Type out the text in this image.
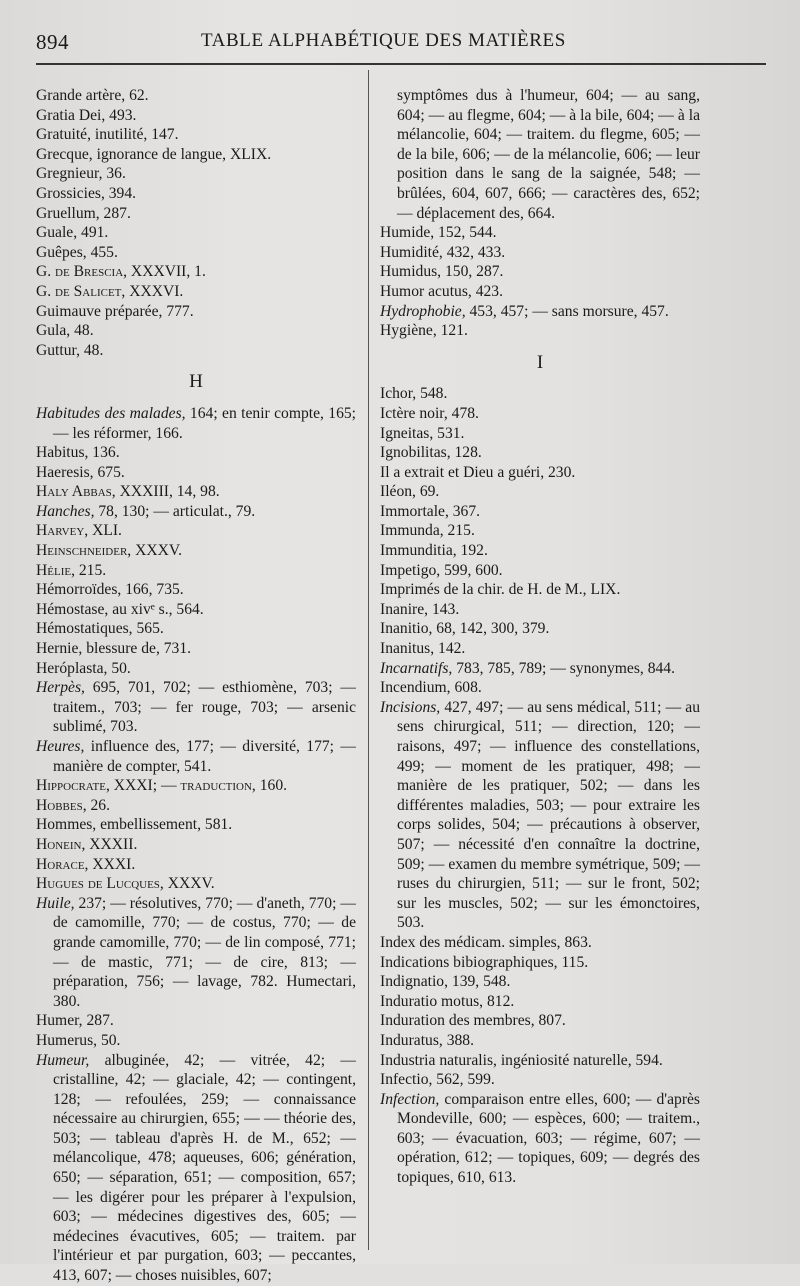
894	TABLE ALPHABÉTIQUE DES MATIÈRES

Grande artère, 62.

Gratia Dei, 493.

Gratuité, inutilité, 147.

Grecque, ignorance de langue, XLIX.

Gregnieur, 36.

Grossicies, 394.

Gruellum, 287.

Guale, 491.

Guêpes, 455.

G. de Brescia, XXXVII, 1.

G. de Salicet, XXXVI.

Guimauve préparée, 777.

Gula, 48.

Guttur, 48.

H

Habitudes des malades, 164; en tenir compte, 165; — les réformer, 166.

Habitus, 136.

Haeresis, 675.

Haly Abbas, XXXIII, 14, 98.

Hanches, 78, 130; — articulat., 79.

Harvey, XLI.

Heinschneider, XXXV.

Hélie, 215.

Hémorroïdes, 166, 735.

Hémostase, au xivᵉ s., 564.

Hémostatiques, 565.

Hernie, blessure de, 731.

Heróplasta, 50.

Herpès, 695, 701, 702; — esthiomène, 703; — traitem., 703; — fer rouge, 703; — arsenic sublimé, 703.

Heures, influence des, 177; — diversité, 177; — manière de compter, 541.

Hippocrate, XXXI; — traduction, 160.

Hobbes, 26.

Hommes, embellissement, 581.

Honein, XXXII.

Horace, XXXI.

Hugues de Lucques, XXXV.

Huile, 237; — résolutives, 770; — d'aneth, 770; — de camomille, 770; — de costus, 770; — de grande camomille, 770; — de lin composé, 771; — de mastic, 771; — de cire, 813; — préparation, 756; — lavage, 782. Humectari, 380.

Humer, 287.

Humerus, 50.

Humeur, albuginée, 42; — vitrée, 42; — cristalline, 42; — glaciale, 42; — contingent, 128; — refoulées, 259; — connaissance nécessaire au chirurgien, 655; — — théorie des, 503; — tableau d'après H. de M., 652; — mélancolique, 478; aqueuses, 606; génération, 650; — séparation, 651; — composition, 657; — les digérer pour les préparer à l'expulsion, 603; — médecines digestives des, 605; — médecines évacutives, 605; — traitem. par l'intérieur et par purgation, 603; — peccantes, 413, 607; — choses nuisibles, 607;

symptômes dus à l'humeur, 604; — au sang, 604; — au flegme, 604; — à la bile, 604; — à la mélancolie, 604; — traitem. du flegme, 605; — de la bile, 606; — de la mélancolie, 606; — leur position dans le sang de la saignée, 548; — brûlées, 604, 607, 666; — caractères des, 652; — déplacement des, 664.

Humide, 152, 544.

Humidité, 432, 433.

Humidus, 150, 287.

Humor acutus, 423.

Hydrophobie, 453, 457; — sans morsure, 457.

Hygiène, 121.

I

Ichor, 548.

Ictère noir, 478.

Igneitas, 531.

Ignobilitas, 128.

Il a extrait et Dieu a guéri, 230.

Iléon, 69.

Immortale, 367.

Immunda, 215.

Immunditia, 192.

Impetigo, 599, 600.

Imprimés de la chir. de H. de M., LIX.

Inanire, 143.

Inanitio, 68, 142, 300, 379.

Inanitus, 142.

Incarnatifs, 783, 785, 789; — synonymes, 844.

Incendium, 608.

Incisions, 427, 497; — au sens médical, 511; — au sens chirurgical, 511; — direction, 120; — raisons, 497; — influence des constellations, 499; — moment de les pratiquer, 498; — manière de les pratiquer, 502; — dans les différentes maladies, 503; — pour extraire les corps solides, 504; — précautions à observer, 507; — nécessité d'en connaître la doctrine, 509; — examen du membre symétrique, 509; — ruses du chirurgien, 511; — sur le front, 502; sur les muscles, 502; — sur les émonctoires, 503.

Index des médicam. simples, 863.

Indications bibiographiques, 115.

Indignatio, 139, 548.

Induratio motus, 812.

Induration des membres, 807.

Induratus, 388.

Industria naturalis, ingéniosité naturelle, 594.

Infectio, 562, 599.

Infection, comparaison entre elles, 600; — d'après Mondeville, 600; — espèces, 600; — traitem., 603; — évacuation, 603; — régime, 607; — opération, 612; — topiques, 609; — degrés des topiques, 610, 613.
